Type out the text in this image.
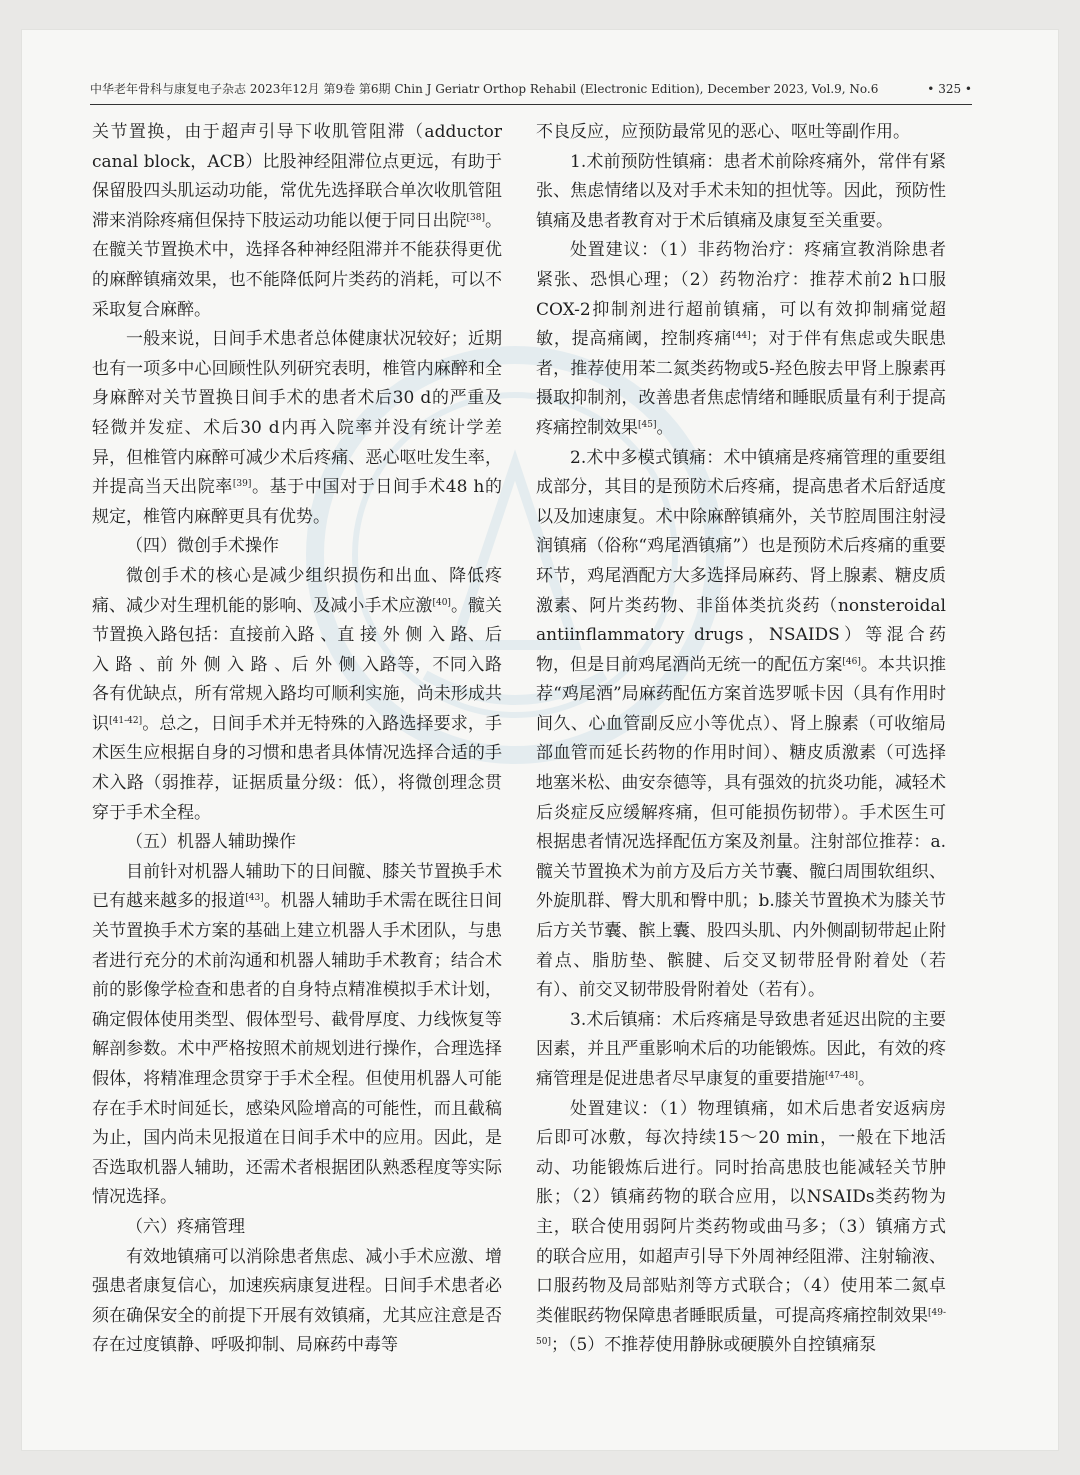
中华老年骨科与康复电子杂志 2023年12月 第9卷 第6期 Chin J Geriatr Orthop Rehabil (Electronic Edition), December 2023, Vol.9, No.6	• 325 •

关节置换，由于超声引导下收肌管阻滞（adductor canal block，ACB）比股神经阻滞位点更远，有助于保留股四头肌运动功能，常优先选择联合单次收肌管阻滞来消除疼痛但保持下肢运动功能以便于同日出院[38]。在髋关节置换术中，选择各种神经阻滞并不能获得更优的麻醉镇痛效果，也不能降低阿片类药的消耗，可以不采取复合麻醉。

一般来说，日间手术患者总体健康状况较好；近期也有一项多中心回顾性队列研究表明，椎管内麻醉和全身麻醉对关节置换日间手术的患者术后30 d的严重及轻微并发症、术后30 d内再入院率并没有统计学差异，但椎管内麻醉可减少术后疼痛、恶心呕吐发生率，并提高当天出院率[39]。基于中国对于日间手术48 h的规定，椎管内麻醉更具有优势。

（四）微创手术操作

微创手术的核心是减少组织损伤和出血、降低疼痛、减少对生理机能的影响、及减小手术应激[40]。髋关节置换入路包括：直接前入路 、直 接 外 侧 入 路、后 入 路 、前 外 侧 入 路 、后 外 侧 入路等，不同入路各有优缺点，所有常规入路均可顺利实施，尚未形成共识[41-42]。总之，日间手术并无特殊的入路选择要求，手术医生应根据自身的习惯和患者具体情况选择合适的手术入路（弱推荐，证据质量分级：低），将微创理念贯穿于手术全程。

（五）机器人辅助操作

目前针对机器人辅助下的日间髋、膝关节置换手术已有越来越多的报道[43]。机器人辅助手术需在既往日间关节置换手术方案的基础上建立机器人手术团队，与患者进行充分的术前沟通和机器人辅助手术教育；结合术前的影像学检查和患者的自身特点精准模拟手术计划，确定假体使用类型、假体型号、截骨厚度、力线恢复等解剖参数。术中严格按照术前规划进行操作，合理选择假体，将精准理念贯穿于手术全程。但使用机器人可能存在手术时间延长，感染风险增高的可能性，而且截稿为止，国内尚未见报道在日间手术中的应用。因此，是否选取机器人辅助，还需术者根据团队熟悉程度等实际情况选择。

（六）疼痛管理

有效地镇痛可以消除患者焦虑、减小手术应激、增强患者康复信心，加速疾病康复进程。日间手术患者必须在确保安全的前提下开展有效镇痛，尤其应注意是否存在过度镇静、呼吸抑制、局麻药中毒等

不良反应，应预防最常见的恶心、呕吐等副作用。

1.术前预防性镇痛：患者术前除疼痛外，常伴有紧张、焦虑情绪以及对手术未知的担忧等。因此，预防性镇痛及患者教育对于术后镇痛及康复至关重要。

处置建议：（1）非药物治疗：疼痛宣教消除患者紧张、恐惧心理；（2）药物治疗：推荐术前2 h口服COX-2抑制剂进行超前镇痛，可以有效抑制痛觉超敏，提高痛阈，控制疼痛[44]；对于伴有焦虑或失眠患者，推荐使用苯二氮类药物或5-羟色胺去甲肾上腺素再摄取抑制剂，改善患者焦虑情绪和睡眠质量有利于提高疼痛控制效果[45]。

2.术中多模式镇痛：术中镇痛是疼痛管理的重要组成部分，其目的是预防术后疼痛，提高患者术后舒适度以及加速康复。术中除麻醉镇痛外，关节腔周围注射浸润镇痛（俗称“鸡尾酒镇痛”）也是预防术后疼痛的重要环节，鸡尾酒配方大多选择局麻药、肾上腺素、糖皮质激素、阿片类药物、非甾体类抗炎药（nonsteroidal antiinflammatory drugs，NSAIDS）等混合药物，但是目前鸡尾酒尚无统一的配伍方案[46]。本共识推荐“鸡尾酒”局麻药配伍方案首选罗哌卡因（具有作用时间久、心血管副反应小等优点）、肾上腺素（可收缩局部血管而延长药物的作用时间）、糖皮质激素（可选择地塞米松、曲安奈德等，具有强效的抗炎功能，减轻术后炎症反应缓解疼痛，但可能损伤韧带）。手术医生可根据患者情况选择配伍方案及剂量。注射部位推荐：a.髋关节置换术为前方及后方关节囊、髋臼周围软组织、外旋肌群、臀大肌和臀中肌；b.膝关节置换术为膝关节后方关节囊、髌上囊、股四头肌、内外侧副韧带起止附着点、脂肪垫、髌腱、后交叉韧带胫骨附着处（若有）、前交叉韧带股骨附着处（若有）。

3.术后镇痛：术后疼痛是导致患者延迟出院的主要因素，并且严重影响术后的功能锻炼。因此，有效的疼痛管理是促进患者尽早康复的重要措施[47-48]。

处置建议：（1）物理镇痛，如术后患者安返病房后即可冰敷，每次持续15～20 min，一般在下地活动、功能锻炼后进行。同时抬高患肢也能减轻关节肿胀；（2）镇痛药物的联合应用，以NSAIDs类药物为主，联合使用弱阿片类药物或曲马多；（3）镇痛方式的联合应用，如超声引导下外周神经阻滞、注射输液、口服药物及局部贴剂等方式联合；（4）使用苯二氮卓类催眠药物保障患者睡眠质量，可提高疼痛控制效果[49-50]；（5）不推荐使用静脉或硬膜外自控镇痛泵
